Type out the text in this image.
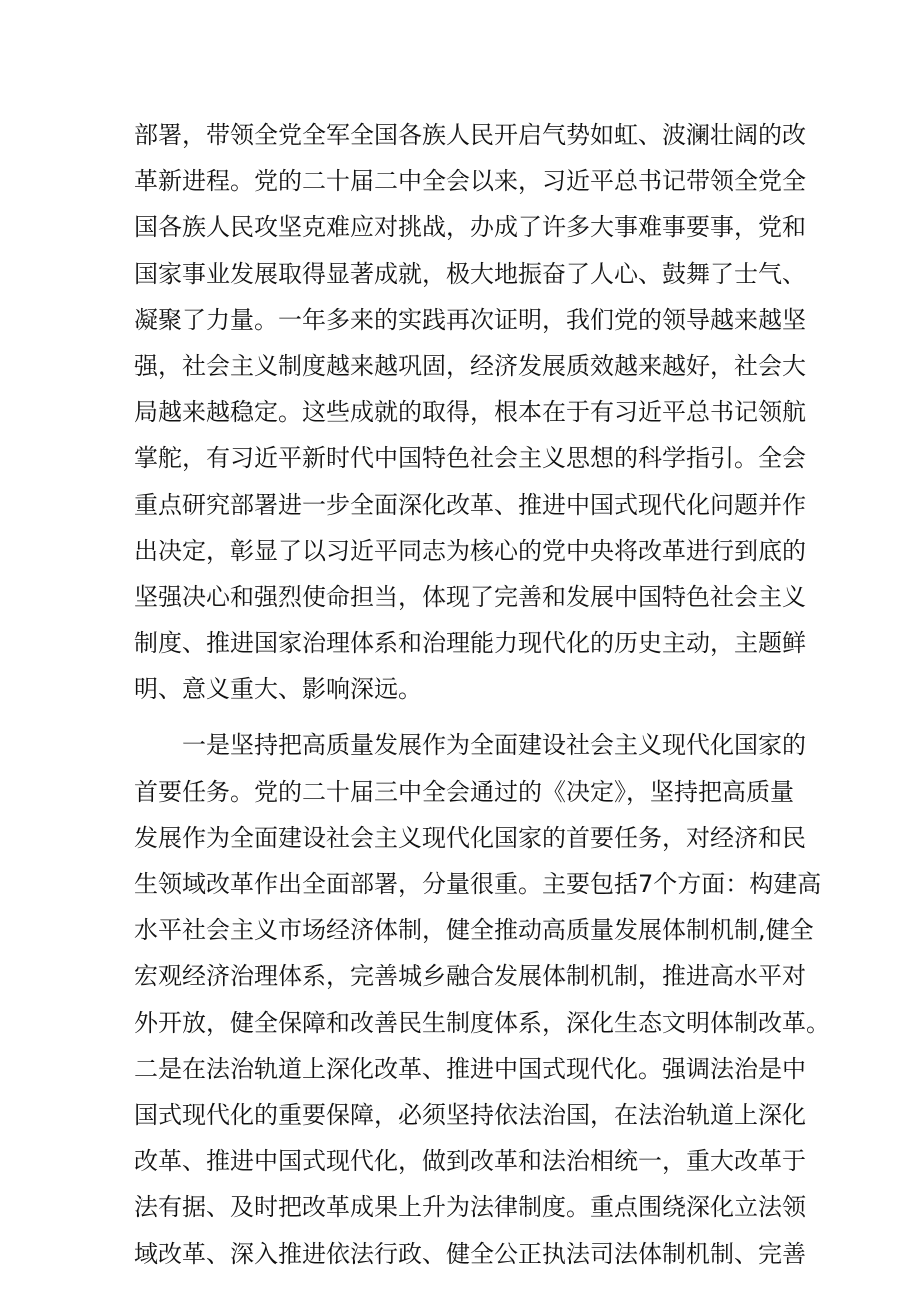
部署，带领全党全军全国各族人民开启气势如虹、波澜壮阔的改
革新进程。党的二十届二中全会以来，习近平总书记带领全党全
国各族人民攻坚克难应对挑战，办成了许多大事难事要事，党和
国家事业发展取得显著成就，极大地振奋了人心、鼓舞了士气、
凝聚了力量。一年多来的实践再次证明，我们党的领导越来越坚
强，社会主义制度越来越巩固，经济发展质效越来越好，社会大
局越来越稳定。这些成就的取得，根本在于有习近平总书记领航
掌舵，有习近平新时代中国特色社会主义思想的科学指引。全会
重点研究部署进一步全面深化改革、推进中国式现代化问题并作
出决定，彰显了以习近平同志为核心的党中央将改革进行到底的
坚强决心和强烈使命担当，体现了完善和发展中国特色社会主义
制度、推进国家治理体系和治理能力现代化的历史主动，主题鲜
明、意义重大、影响深远。
一是坚持把高质量发展作为全面建设社会主义现代化国家的
首要任务。党的二十届三中全会通过的《决定》，坚持把高质量
发展作为全面建设社会主义现代化国家的首要任务，对经济和民
生领域改革作出全面部署，分量很重。主要包括7个方面：构建高
水平社会主义市场经济体制，健全推动高质量发展体制机制,健全
宏观经济治理体系，完善城乡融合发展体制机制，推进高水平对
外开放，健全保障和改善民生制度体系，深化生态文明体制改革。
二是在法治轨道上深化改革、推进中国式现代化。强调法治是中
国式现代化的重要保障，必须坚持依法治国，在法治轨道上深化
改革、推进中国式现代化，做到改革和法治相统一，重大改革于
法有据、及时把改革成果上升为法律制度。重点围绕深化立法领
域改革、深入推进依法行政、健全公正执法司法体制机制、完善
